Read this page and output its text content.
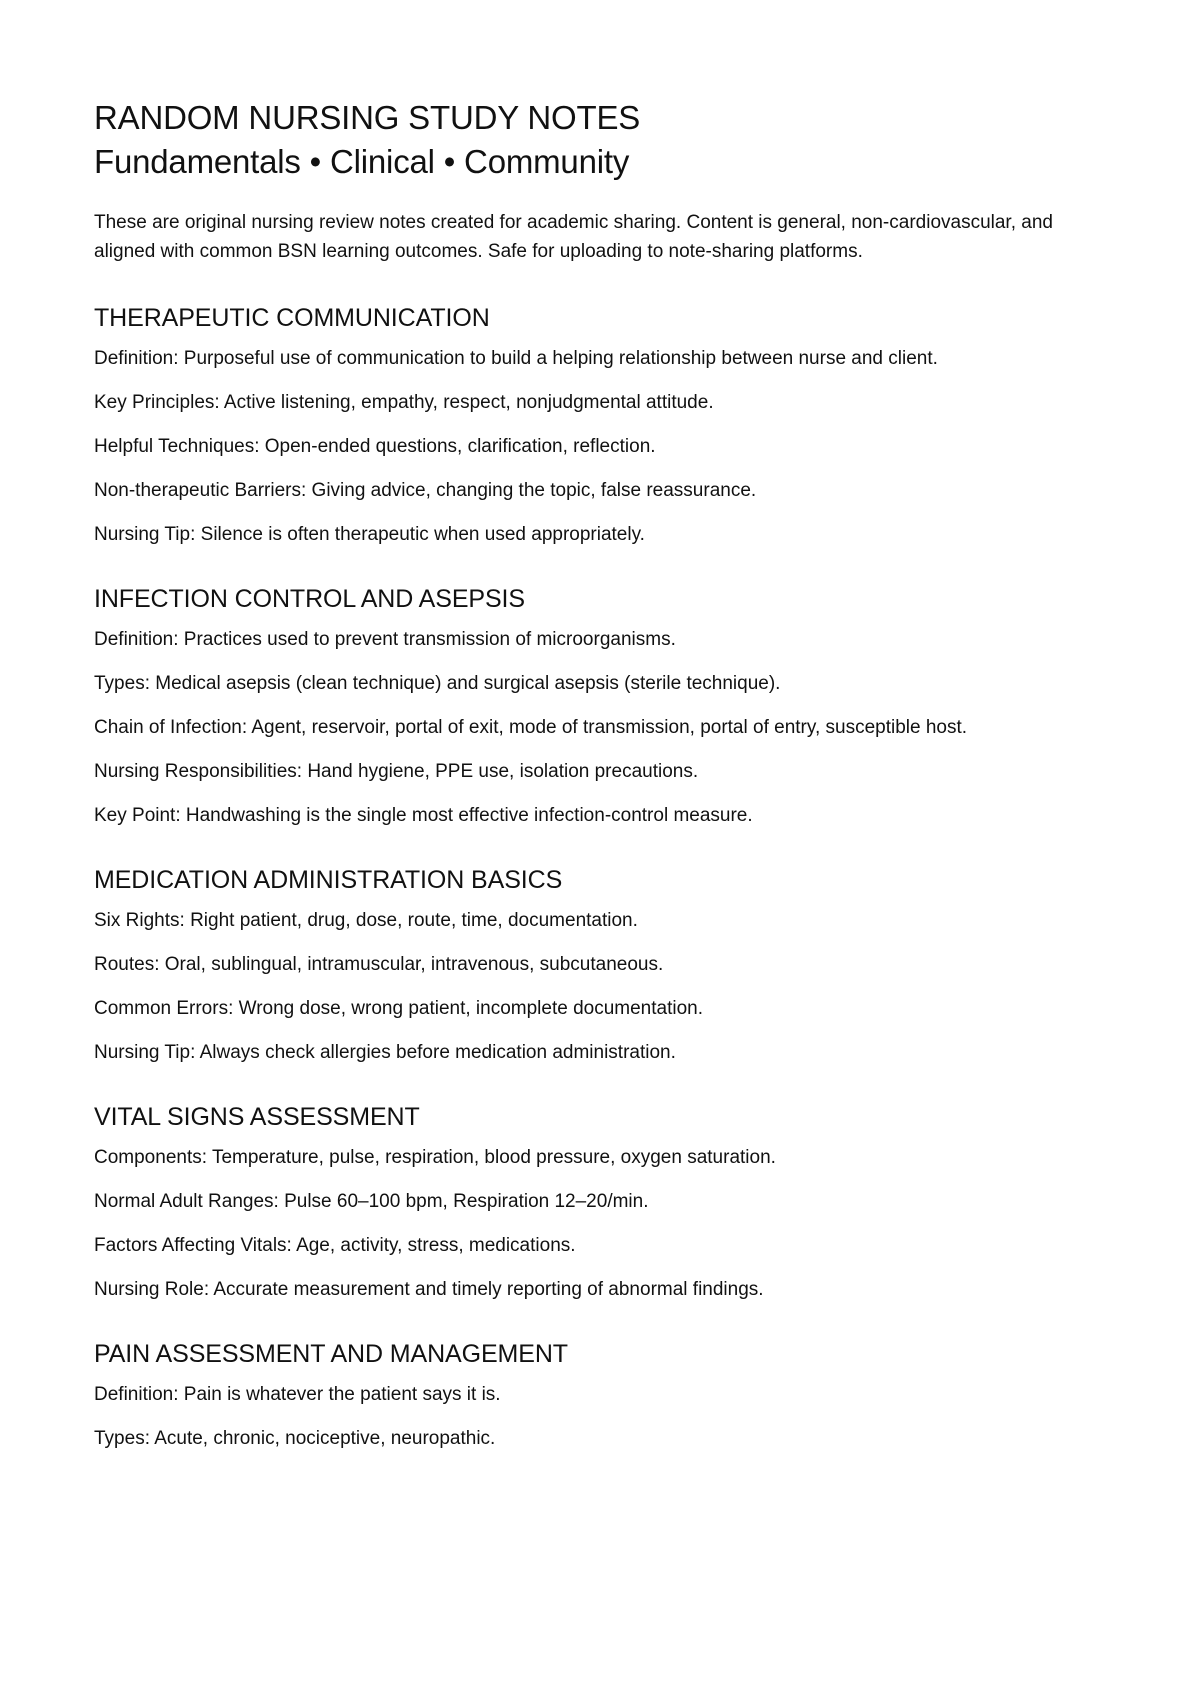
RANDOM NURSING STUDY NOTES
Fundamentals • Clinical • Community
These are original nursing review notes created for academic sharing. Content is general, non-cardiovascular, and aligned with common BSN learning outcomes. Safe for uploading to note-sharing platforms.
THERAPEUTIC COMMUNICATION
Definition: Purposeful use of communication to build a helping relationship between nurse and client.
Key Principles: Active listening, empathy, respect, nonjudgmental attitude.
Helpful Techniques: Open-ended questions, clarification, reflection.
Non-therapeutic Barriers: Giving advice, changing the topic, false reassurance.
Nursing Tip: Silence is often therapeutic when used appropriately.
INFECTION CONTROL AND ASEPSIS
Definition: Practices used to prevent transmission of microorganisms.
Types: Medical asepsis (clean technique) and surgical asepsis (sterile technique).
Chain of Infection: Agent, reservoir, portal of exit, mode of transmission, portal of entry, susceptible host.
Nursing Responsibilities: Hand hygiene, PPE use, isolation precautions.
Key Point: Handwashing is the single most effective infection-control measure.
MEDICATION ADMINISTRATION BASICS
Six Rights: Right patient, drug, dose, route, time, documentation.
Routes: Oral, sublingual, intramuscular, intravenous, subcutaneous.
Common Errors: Wrong dose, wrong patient, incomplete documentation.
Nursing Tip: Always check allergies before medication administration.
VITAL SIGNS ASSESSMENT
Components: Temperature, pulse, respiration, blood pressure, oxygen saturation.
Normal Adult Ranges: Pulse 60–100 bpm, Respiration 12–20/min.
Factors Affecting Vitals: Age, activity, stress, medications.
Nursing Role: Accurate measurement and timely reporting of abnormal findings.
PAIN ASSESSMENT AND MANAGEMENT
Definition: Pain is whatever the patient says it is.
Types: Acute, chronic, nociceptive, neuropathic.
